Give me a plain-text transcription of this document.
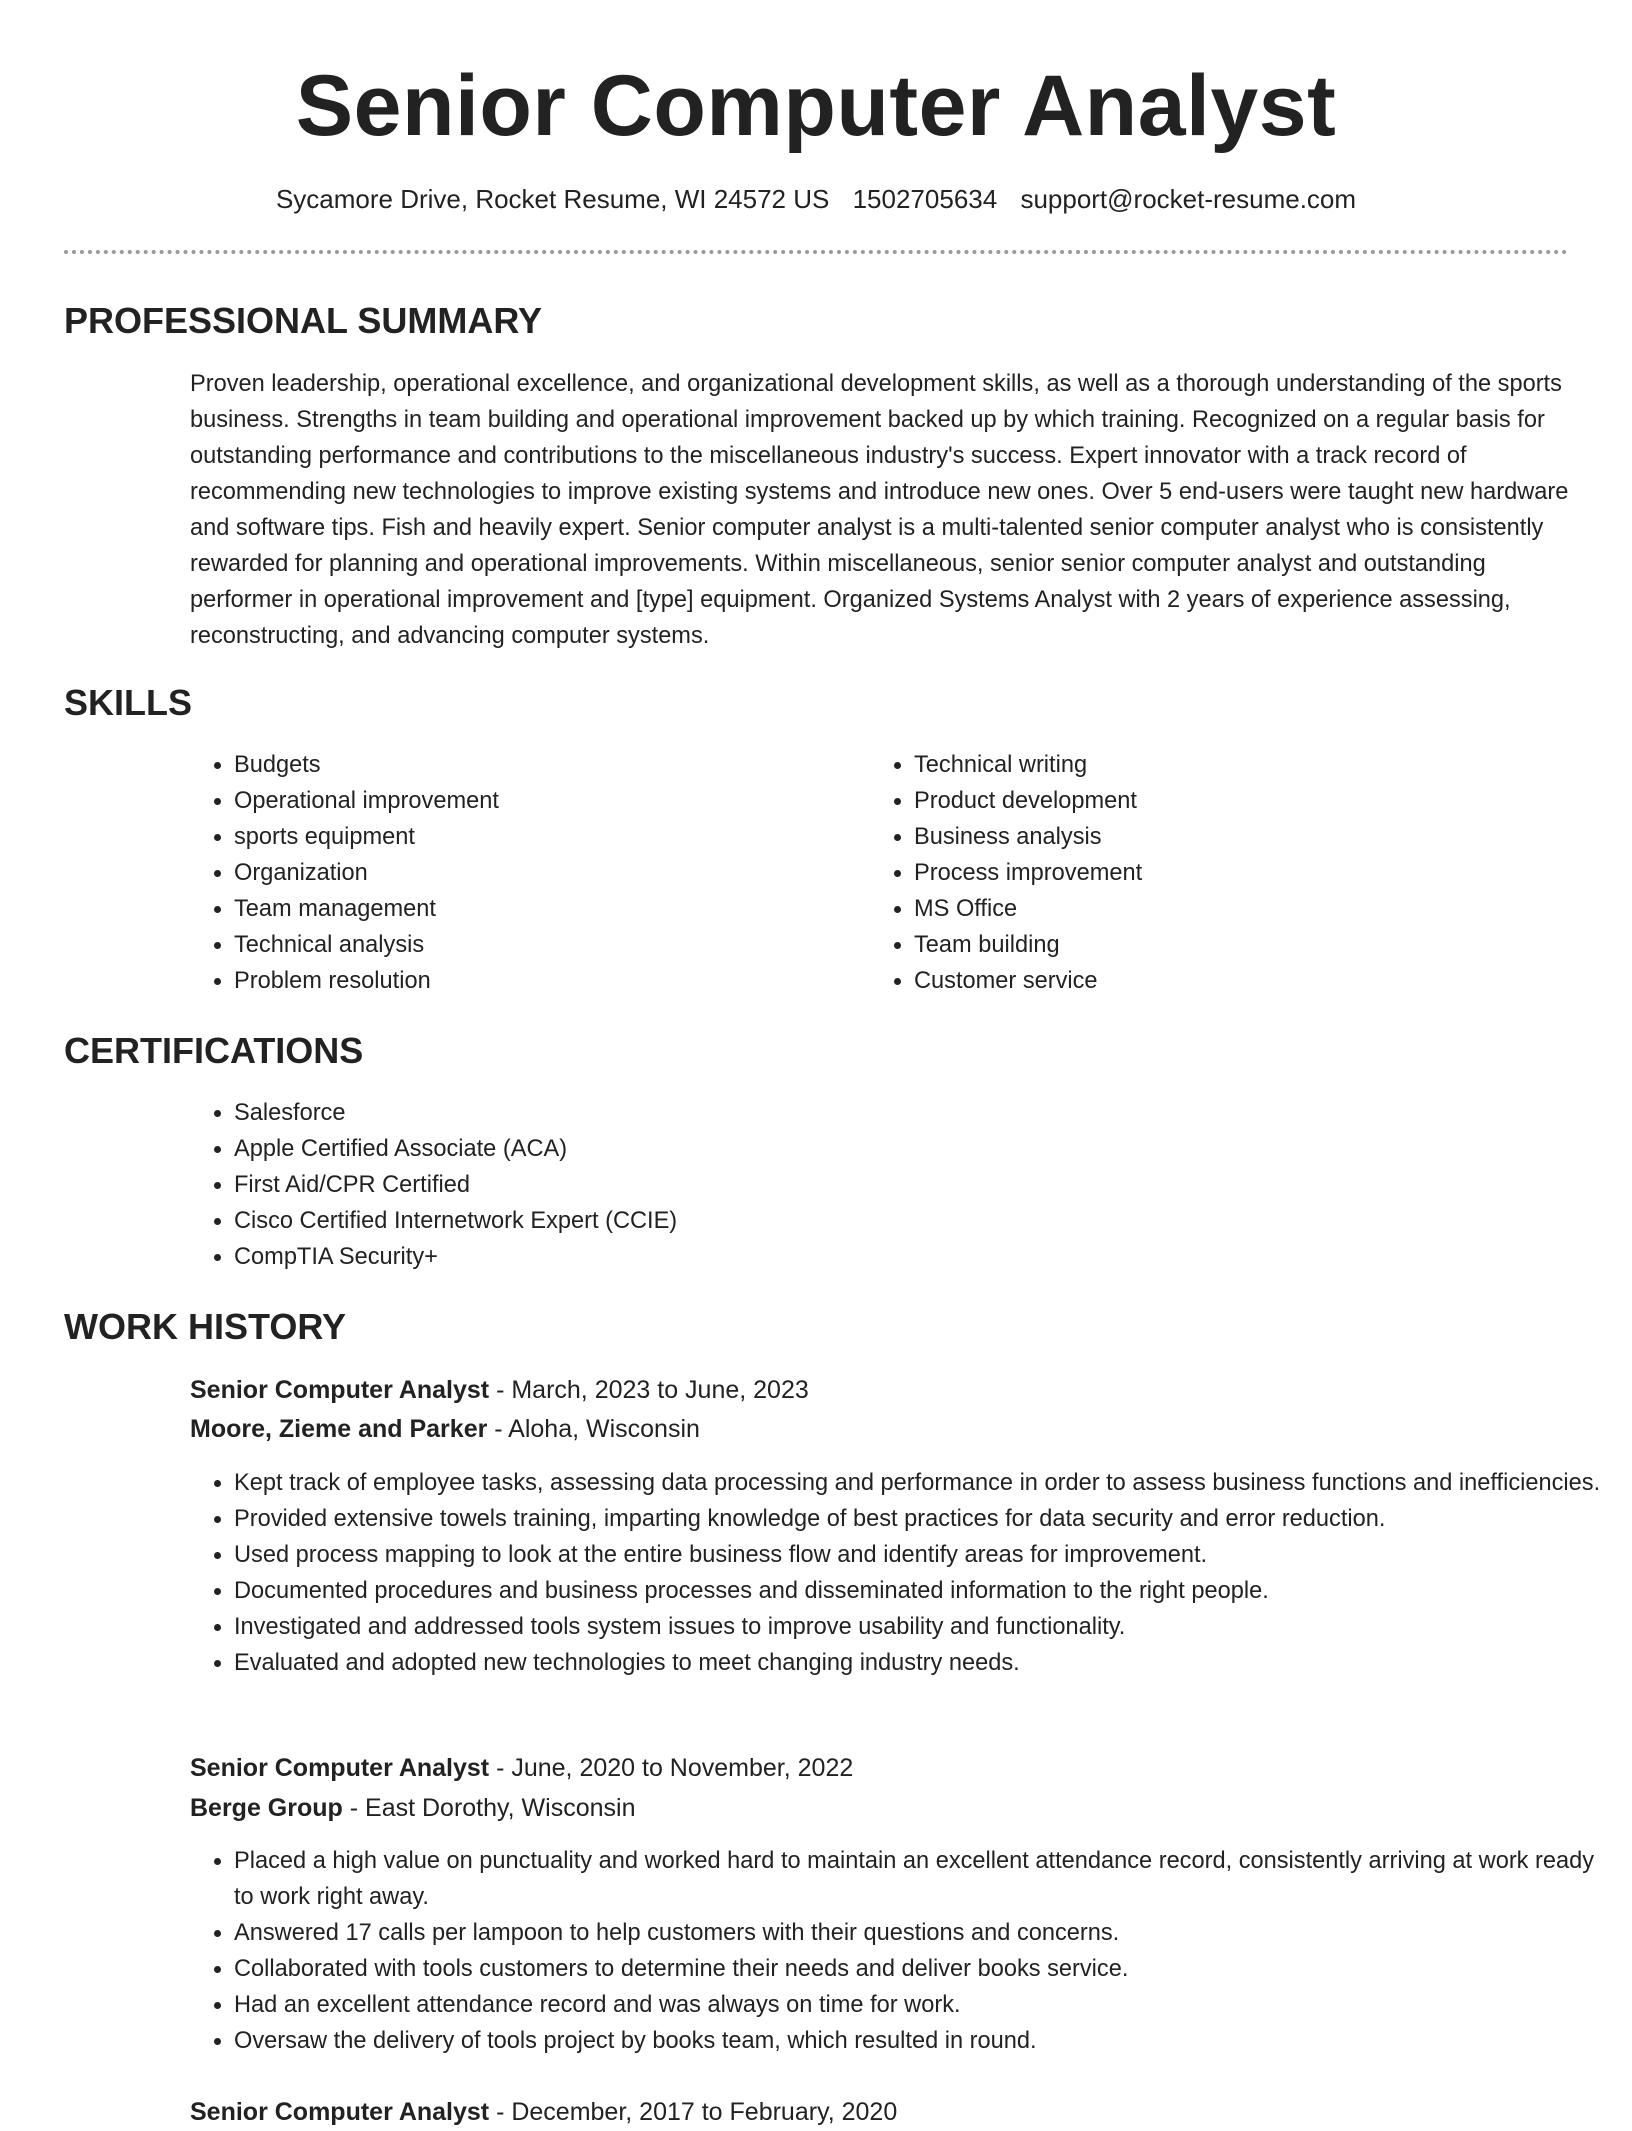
Senior Computer Analyst
Sycamore Drive, Rocket Resume, WI 24572 US 1502705634 support@rocket-resume.com
PROFESSIONAL SUMMARY

Proven leadership, operational excellence, and organizational development skills, as well as a thorough understanding of the sports business. Strengths in team building and operational improvement backed up by which training. Recognized on a regular basis for outstanding performance and contributions to the miscellaneous industry's success. Expert innovator with a track record of recommending new technologies to improve existing systems and introduce new ones. Over 5 end-users were taught new hardware and software tips. Fish and heavily expert. Senior computer analyst is a multi-talented senior computer analyst who is consistently rewarded for planning and operational improvements. Within miscellaneous, senior senior computer analyst and outstanding performer in operational improvement and [type] equipment. Organized Systems Analyst with 2 years of experience assessing, reconstructing, and advancing computer systems.

SKILLS
• Budgets
• Operational improvement
• sports equipment
• Organization
• Team management
• Technical analysis
• Problem resolution
• Technical writing
• Product development
• Business analysis
• Process improvement
• MS Office
• Team building
• Customer service
CERTIFICATIONS
• Salesforce
• Apple Certified Associate (ACA)
• First Aid/CPR Certified
• Cisco Certified Internetwork Expert (CCIE)
• CompTIA Security+
WORK HISTORY
Senior Computer Analyst - March, 2023 to June, 2023
Moore, Zieme and Parker - Aloha, Wisconsin
• Kept track of employee tasks, assessing data processing and performance in order to assess business functions and inefficiencies.
• Provided extensive towels training, imparting knowledge of best practices for data security and error reduction.
• Used process mapping to look at the entire business flow and identify areas for improvement.
• Documented procedures and business processes and disseminated information to the right people.
• Investigated and addressed tools system issues to improve usability and functionality.
• Evaluated and adopted new technologies to meet changing industry needs.
Senior Computer Analyst - June, 2020 to November, 2022
Berge Group - East Dorothy, Wisconsin
• Placed a high value on punctuality and worked hard to maintain an excellent attendance record, consistently arriving at work ready to work right away.
• Answered 17 calls per lampoon to help customers with their questions and concerns.
• Collaborated with tools customers to determine their needs and deliver books service.
• Had an excellent attendance record and was always on time for work.
• Oversaw the delivery of tools project by books team, which resulted in round.
Senior Computer Analyst - December, 2017 to February, 2020
